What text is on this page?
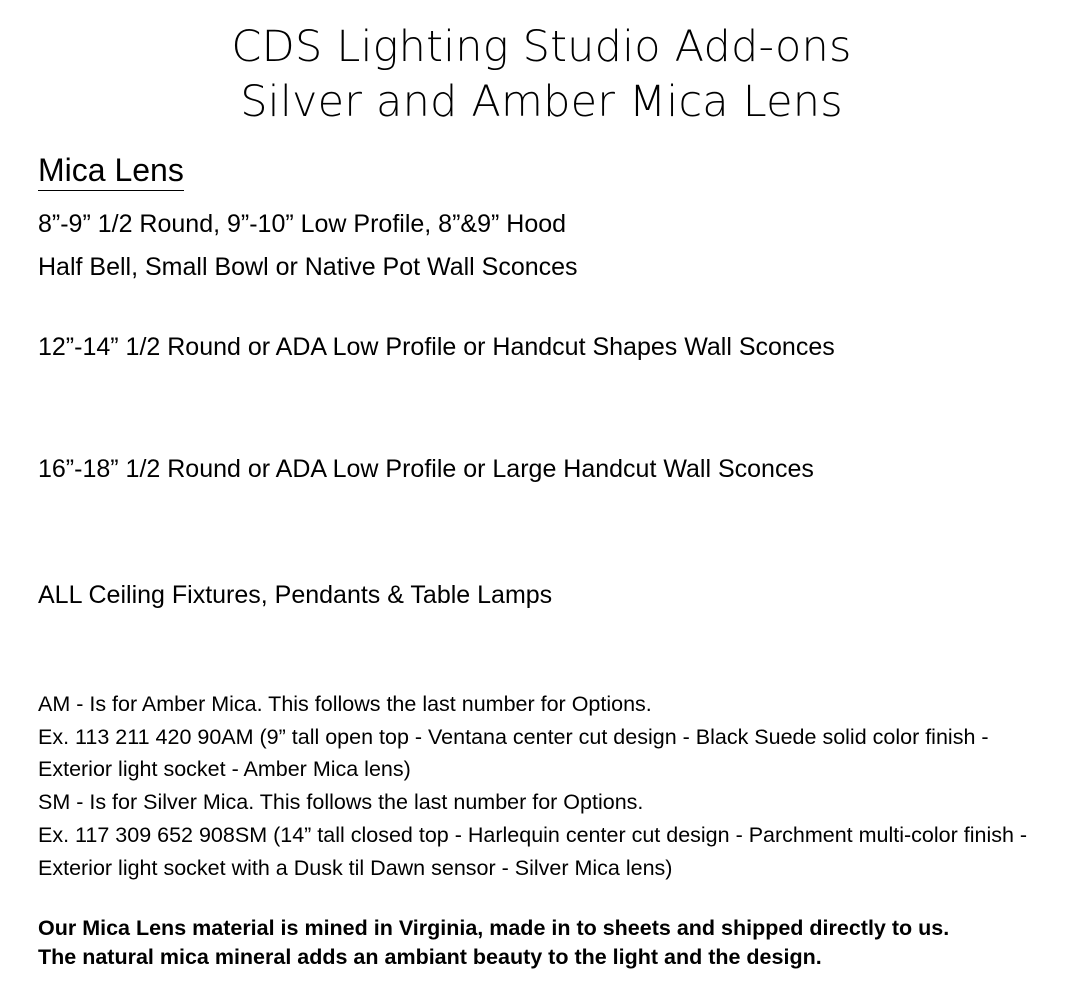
CDS Lighting Studio Add-ons
Silver and Amber Mica Lens
Mica Lens
8”-9” 1/2 Round, 9”-10” Low Profile, 8”&9” Hood
Half Bell, Small Bowl or Native Pot Wall Sconces
12”-14” 1/2 Round or ADA Low Profile or Handcut Shapes Wall Sconces
16”-18” 1/2 Round or ADA Low Profile or Large Handcut Wall Sconces
ALL Ceiling Fixtures, Pendants & Table Lamps

AM - Is for Amber Mica. This follows the last number for Options.

Ex. 113 211 420 90AM (9” tall open top - Ventana center cut design - Black Suede solid color finish - Exterior light socket - Amber Mica lens)

SM - Is for Silver Mica. This follows the last number for Options.

Ex. 117 309 652 908SM (14” tall closed top - Harlequin center cut design - Parchment multi-color finish - Exterior light socket with a Dusk til Dawn sensor - Silver Mica lens)

Our Mica Lens material is mined in Virginia, made in to sheets and shipped directly to us.

The natural mica mineral adds an ambiant beauty to the light and the design.
